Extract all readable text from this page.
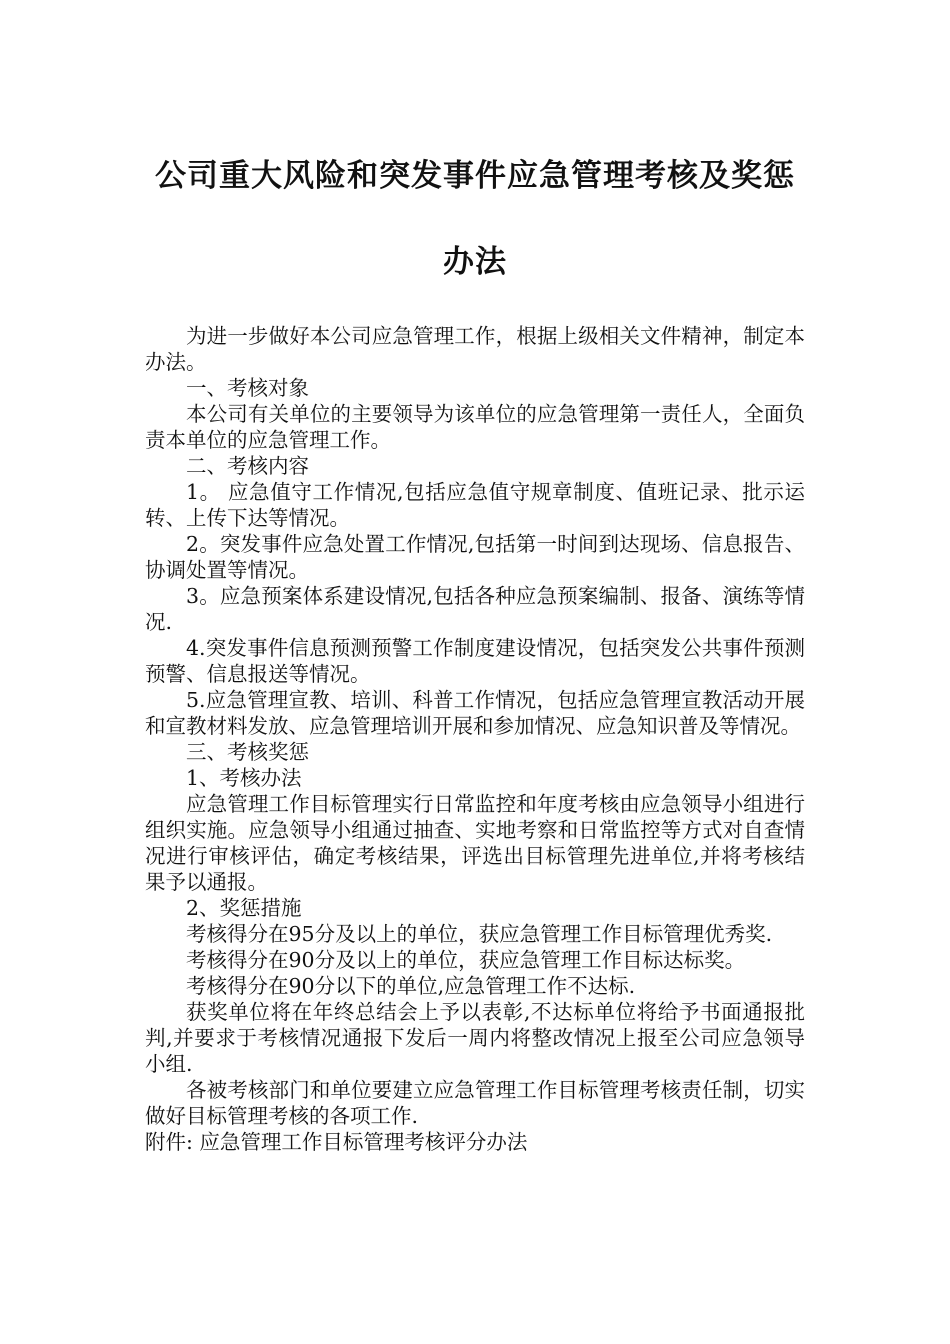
公司重大风险和突发事件应急管理考核及奖惩
办法

为进一步做好本公司应急管理工作，根据上级相关文件精神，制定本办法。

一、考核对象

本公司有关单位的主要领导为该单位的应急管理第一责任人，全面负责本单位的应急管理工作。

二、考核内容

1。 应急值守工作情况,包括应急值守规章制度、值班记录、批示运转、上传下达等情况。

2。突发事件应急处置工作情况,包括第一时间到达现场、信息报告、协调处置等情况。

3。应急预案体系建设情况,包括各种应急预案编制、报备、演练等情况.

4.突发事件信息预测预警工作制度建设情况，包括突发公共事件预测预警、信息报送等情况。

5.应急管理宣教、培训、科普工作情况，包括应急管理宣教活动开展和宣教材料发放、应急管理培训开展和参加情况、应急知识普及等情况。

三、考核奖惩

1、考核办法

应急管理工作目标管理实行日常监控和年度考核由应急领导小组进行组织实施。应急领导小组通过抽查、实地考察和日常监控等方式对自查情况进行审核评估，确定考核结果，评选出目标管理先进单位,并将考核结果予以通报。

2、奖惩措施

考核得分在95分及以上的单位，获应急管理工作目标管理优秀奖.

考核得分在90分及以上的单位，获应急管理工作目标达标奖。

考核得分在90分以下的单位,应急管理工作不达标.

获奖单位将在年终总结会上予以表彰,不达标单位将给予书面通报批判,并要求于考核情况通报下发后一周内将整改情况上报至公司应急领导小组.

各被考核部门和单位要建立应急管理工作目标管理考核责任制，切实做好目标管理考核的各项工作.

附件: 应急管理工作目标管理考核评分办法
